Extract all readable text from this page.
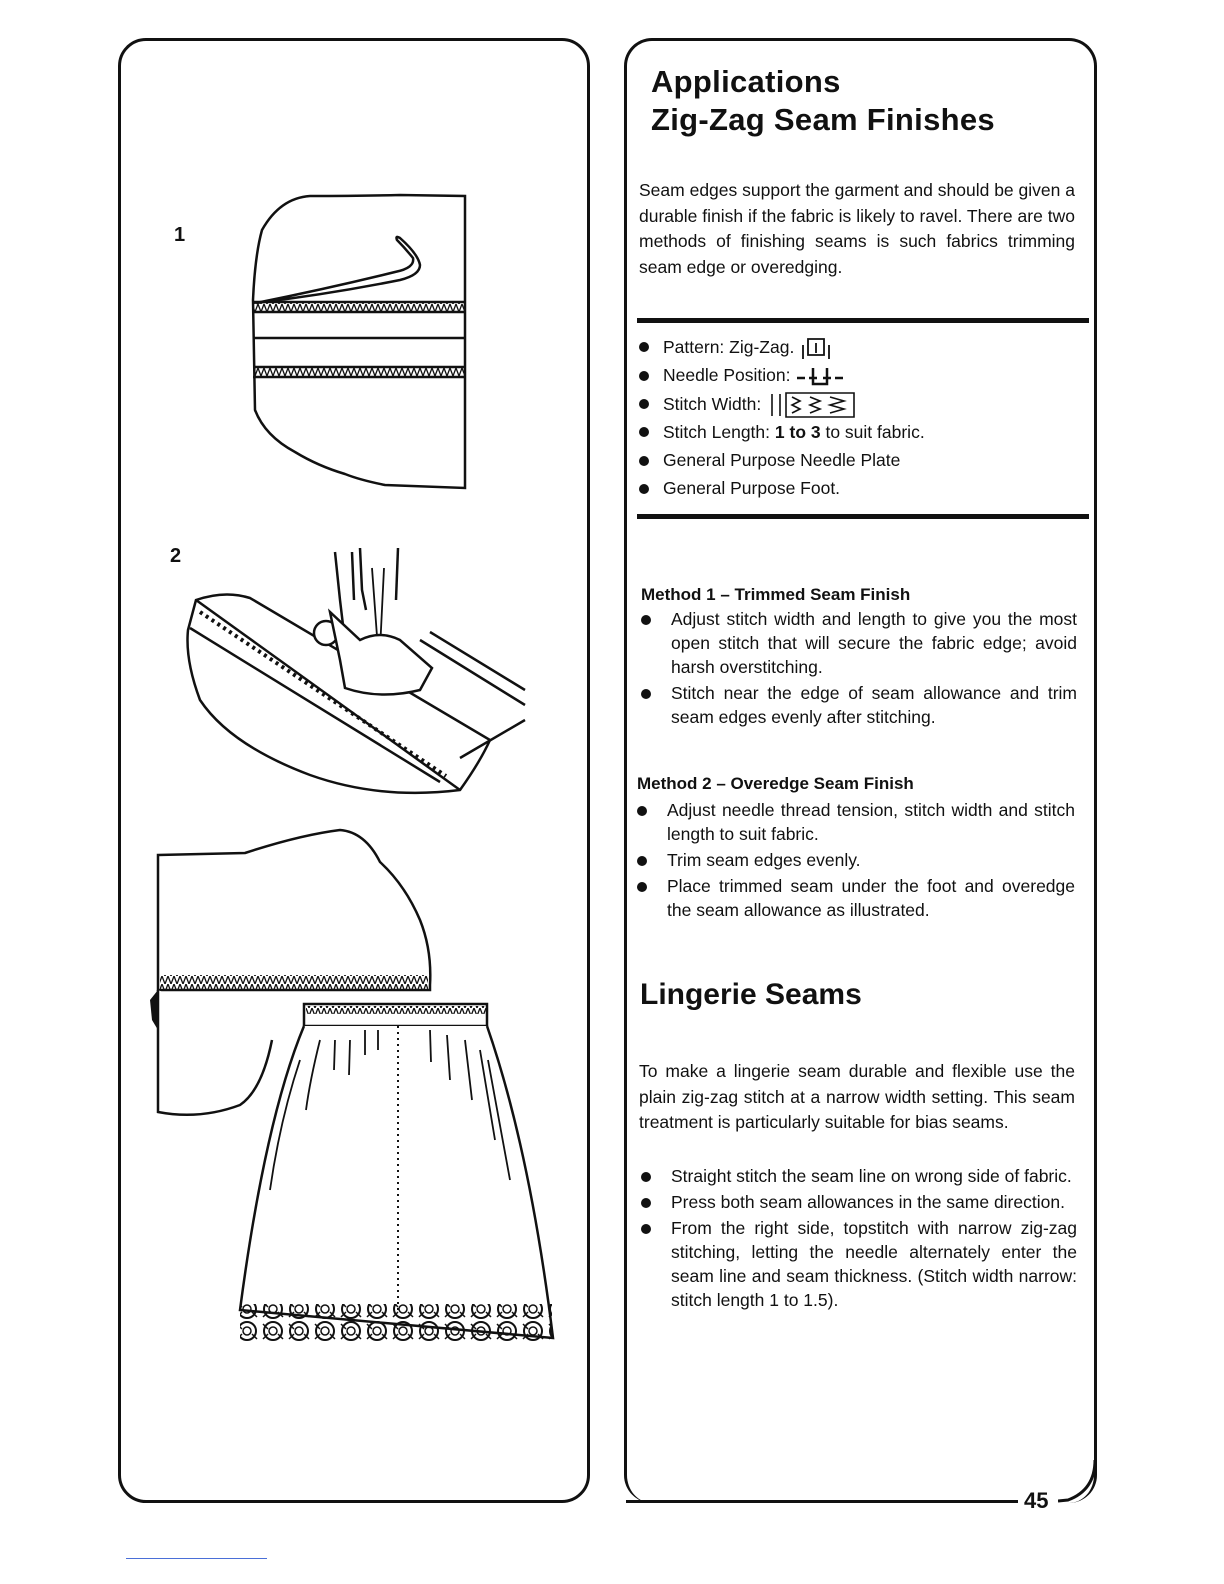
1
2
Applications
Zig-Zag Seam Finishes

Seam edges support the garment and should be given a durable finish if the fabric is likely to ravel. There are two methods of finishing seams is such fabrics trimming seam edge or overedging.

Pattern: Zig-Zag.
Needle Position:
Stitch Width:
Stitch Length: 1 to 3 to suit fabric.
General Purpose Needle Plate
General Purpose Foot.
Method 1 – Trimmed Seam Finish
Adjust stitch width and length to give you the most open stitch that will secure the fabric edge; avoid harsh overstitching.
Stitch near the edge of seam allowance and trim seam edges evenly after stitching.
Method 2 – Overedge Seam Finish
Adjust needle thread tension, stitch width and stitch length to suit fabric.
Trim seam edges evenly.
Place trimmed seam under the foot and overedge the seam allowance as illustrated.
Lingerie Seams

To make a lingerie seam durable and flexible use the plain zig-zag stitch at a narrow width setting. This seam treatment is particularly suitable for bias seams.

Straight stitch the seam line on wrong side of fabric.
Press both seam allowances in the same direction.
From the right side, topstitch with narrow zig-zag stitching, letting the needle alternately enter the seam line and seam thickness. (Stitch width narrow: stitch length 1 to 1.5).
45
